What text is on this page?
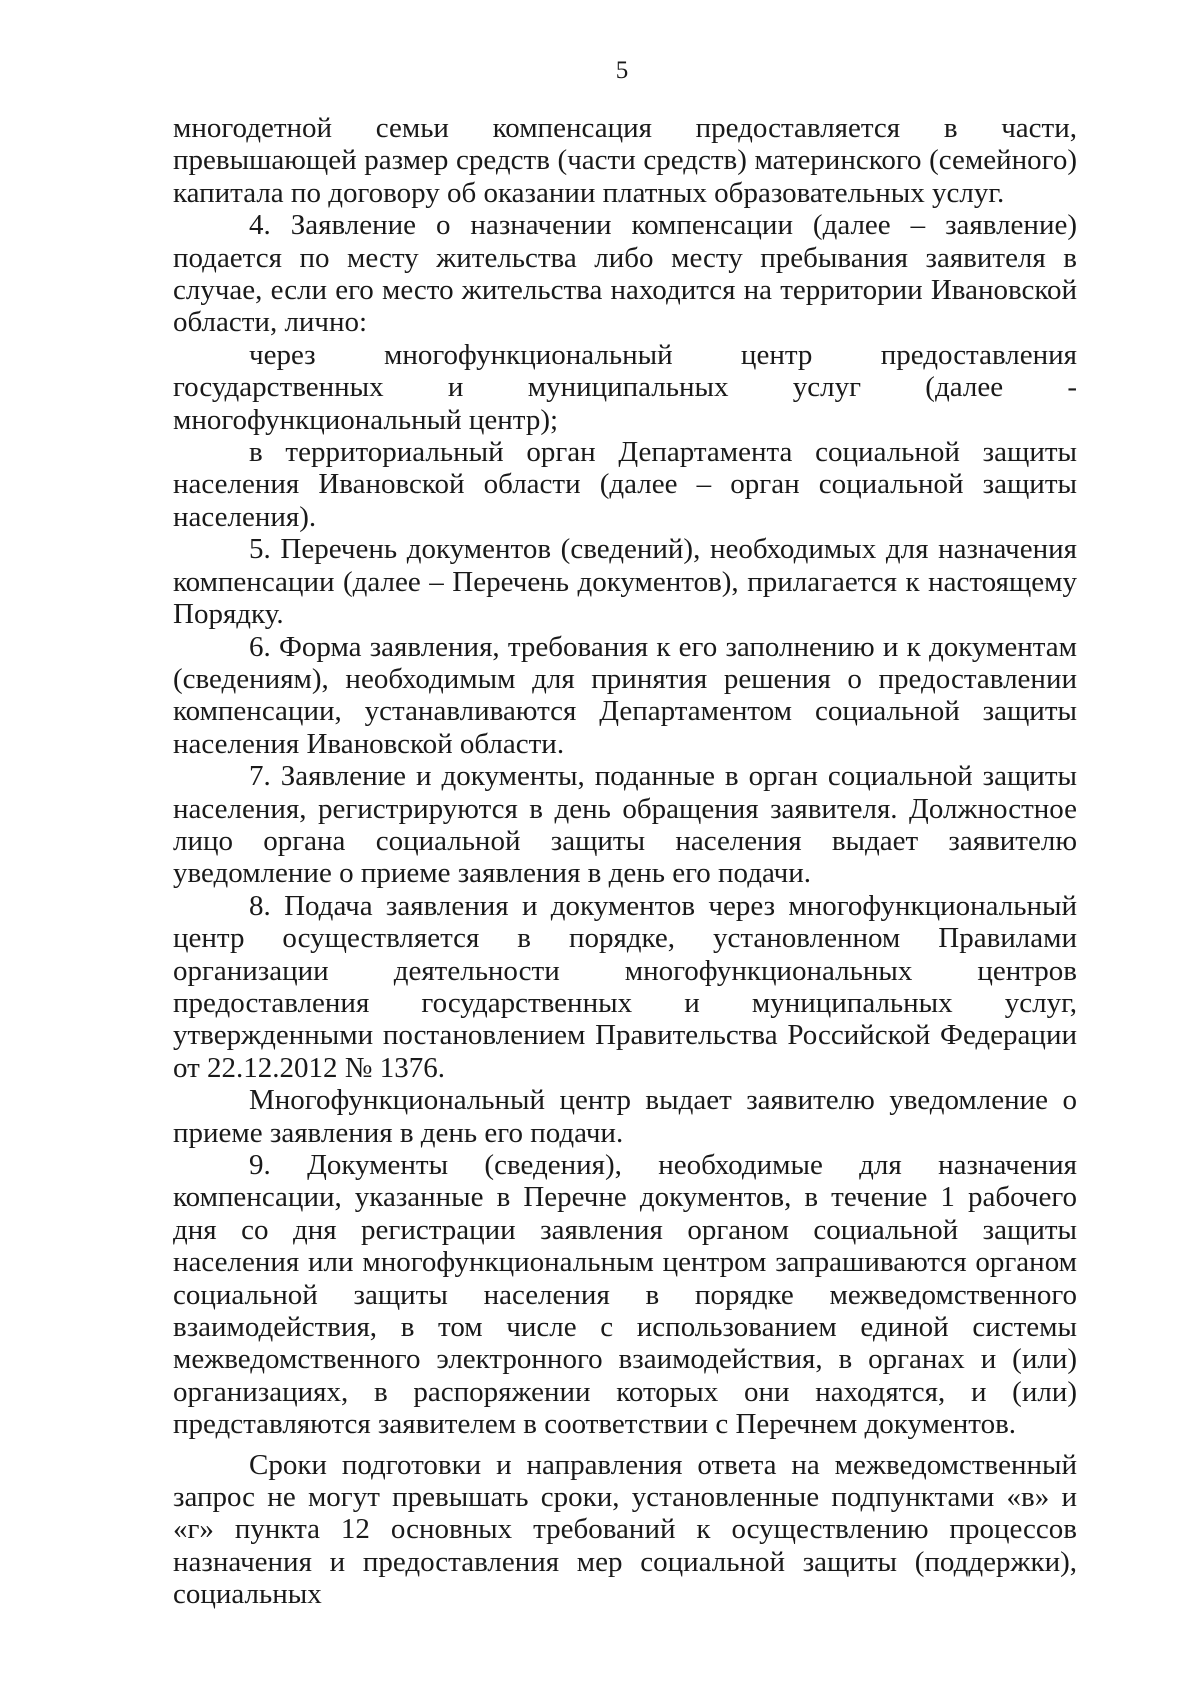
5

многодетной семьи компенсация предоставляется в части, превышающей размер средств (части средств) материнского (семейного) капитала по договору об оказании платных образовательных услуг.

4. Заявление о назначении компенсации (далее – заявление) подается по месту жительства либо месту пребывания заявителя в случае, если его место жительства находится на территории Ивановской области, лично:

через многофункциональный центр предоставления государственных и муниципальных услуг (далее - многофункциональный центр);

в территориальный орган Департамента социальной защиты населения Ивановской области (далее – орган социальной защиты населения).

5. Перечень документов (сведений), необходимых для назначения компенсации (далее – Перечень документов), прилагается к настоящему Порядку.

6. Форма заявления, требования к его заполнению и к документам (сведениям), необходимым для принятия решения о предоставлении компенсации, устанавливаются Департаментом социальной защиты населения Ивановской области.

7. Заявление и документы, поданные в орган социальной защиты населения, регистрируются в день обращения заявителя. Должностное лицо органа социальной защиты населения выдает заявителю уведомление о приеме заявления в день его подачи.

8. Подача заявления и документов через многофункциональный центр осуществляется в порядке, установленном Правилами организации деятельности многофункциональных центров предоставления государственных и муниципальных услуг, утвержденными постановлением Правительства Российской Федерации от 22.12.2012 № 1376.

Многофункциональный центр выдает заявителю уведомление о приеме заявления в день его подачи.

9. Документы (сведения), необходимые для назначения компенсации, указанные в Перечне документов, в течение 1 рабочего дня со дня регистрации заявления органом социальной защиты населения или многофункциональным центром запрашиваются органом социальной защиты населения в порядке межведомственного взаимодействия, в том числе с использованием единой системы межведомственного электронного взаимодействия, в органах и (или) организациях, в распоряжении которых они находятся, и (или) представляются заявителем в соответствии с Перечнем документов.

Сроки подготовки и направления ответа на межведомственный запрос не могут превышать сроки, установленные подпунктами «в» и «г» пункта 12 основных требований к осуществлению процессов назначения и предоставления мер социальной защиты (поддержки), социальных
